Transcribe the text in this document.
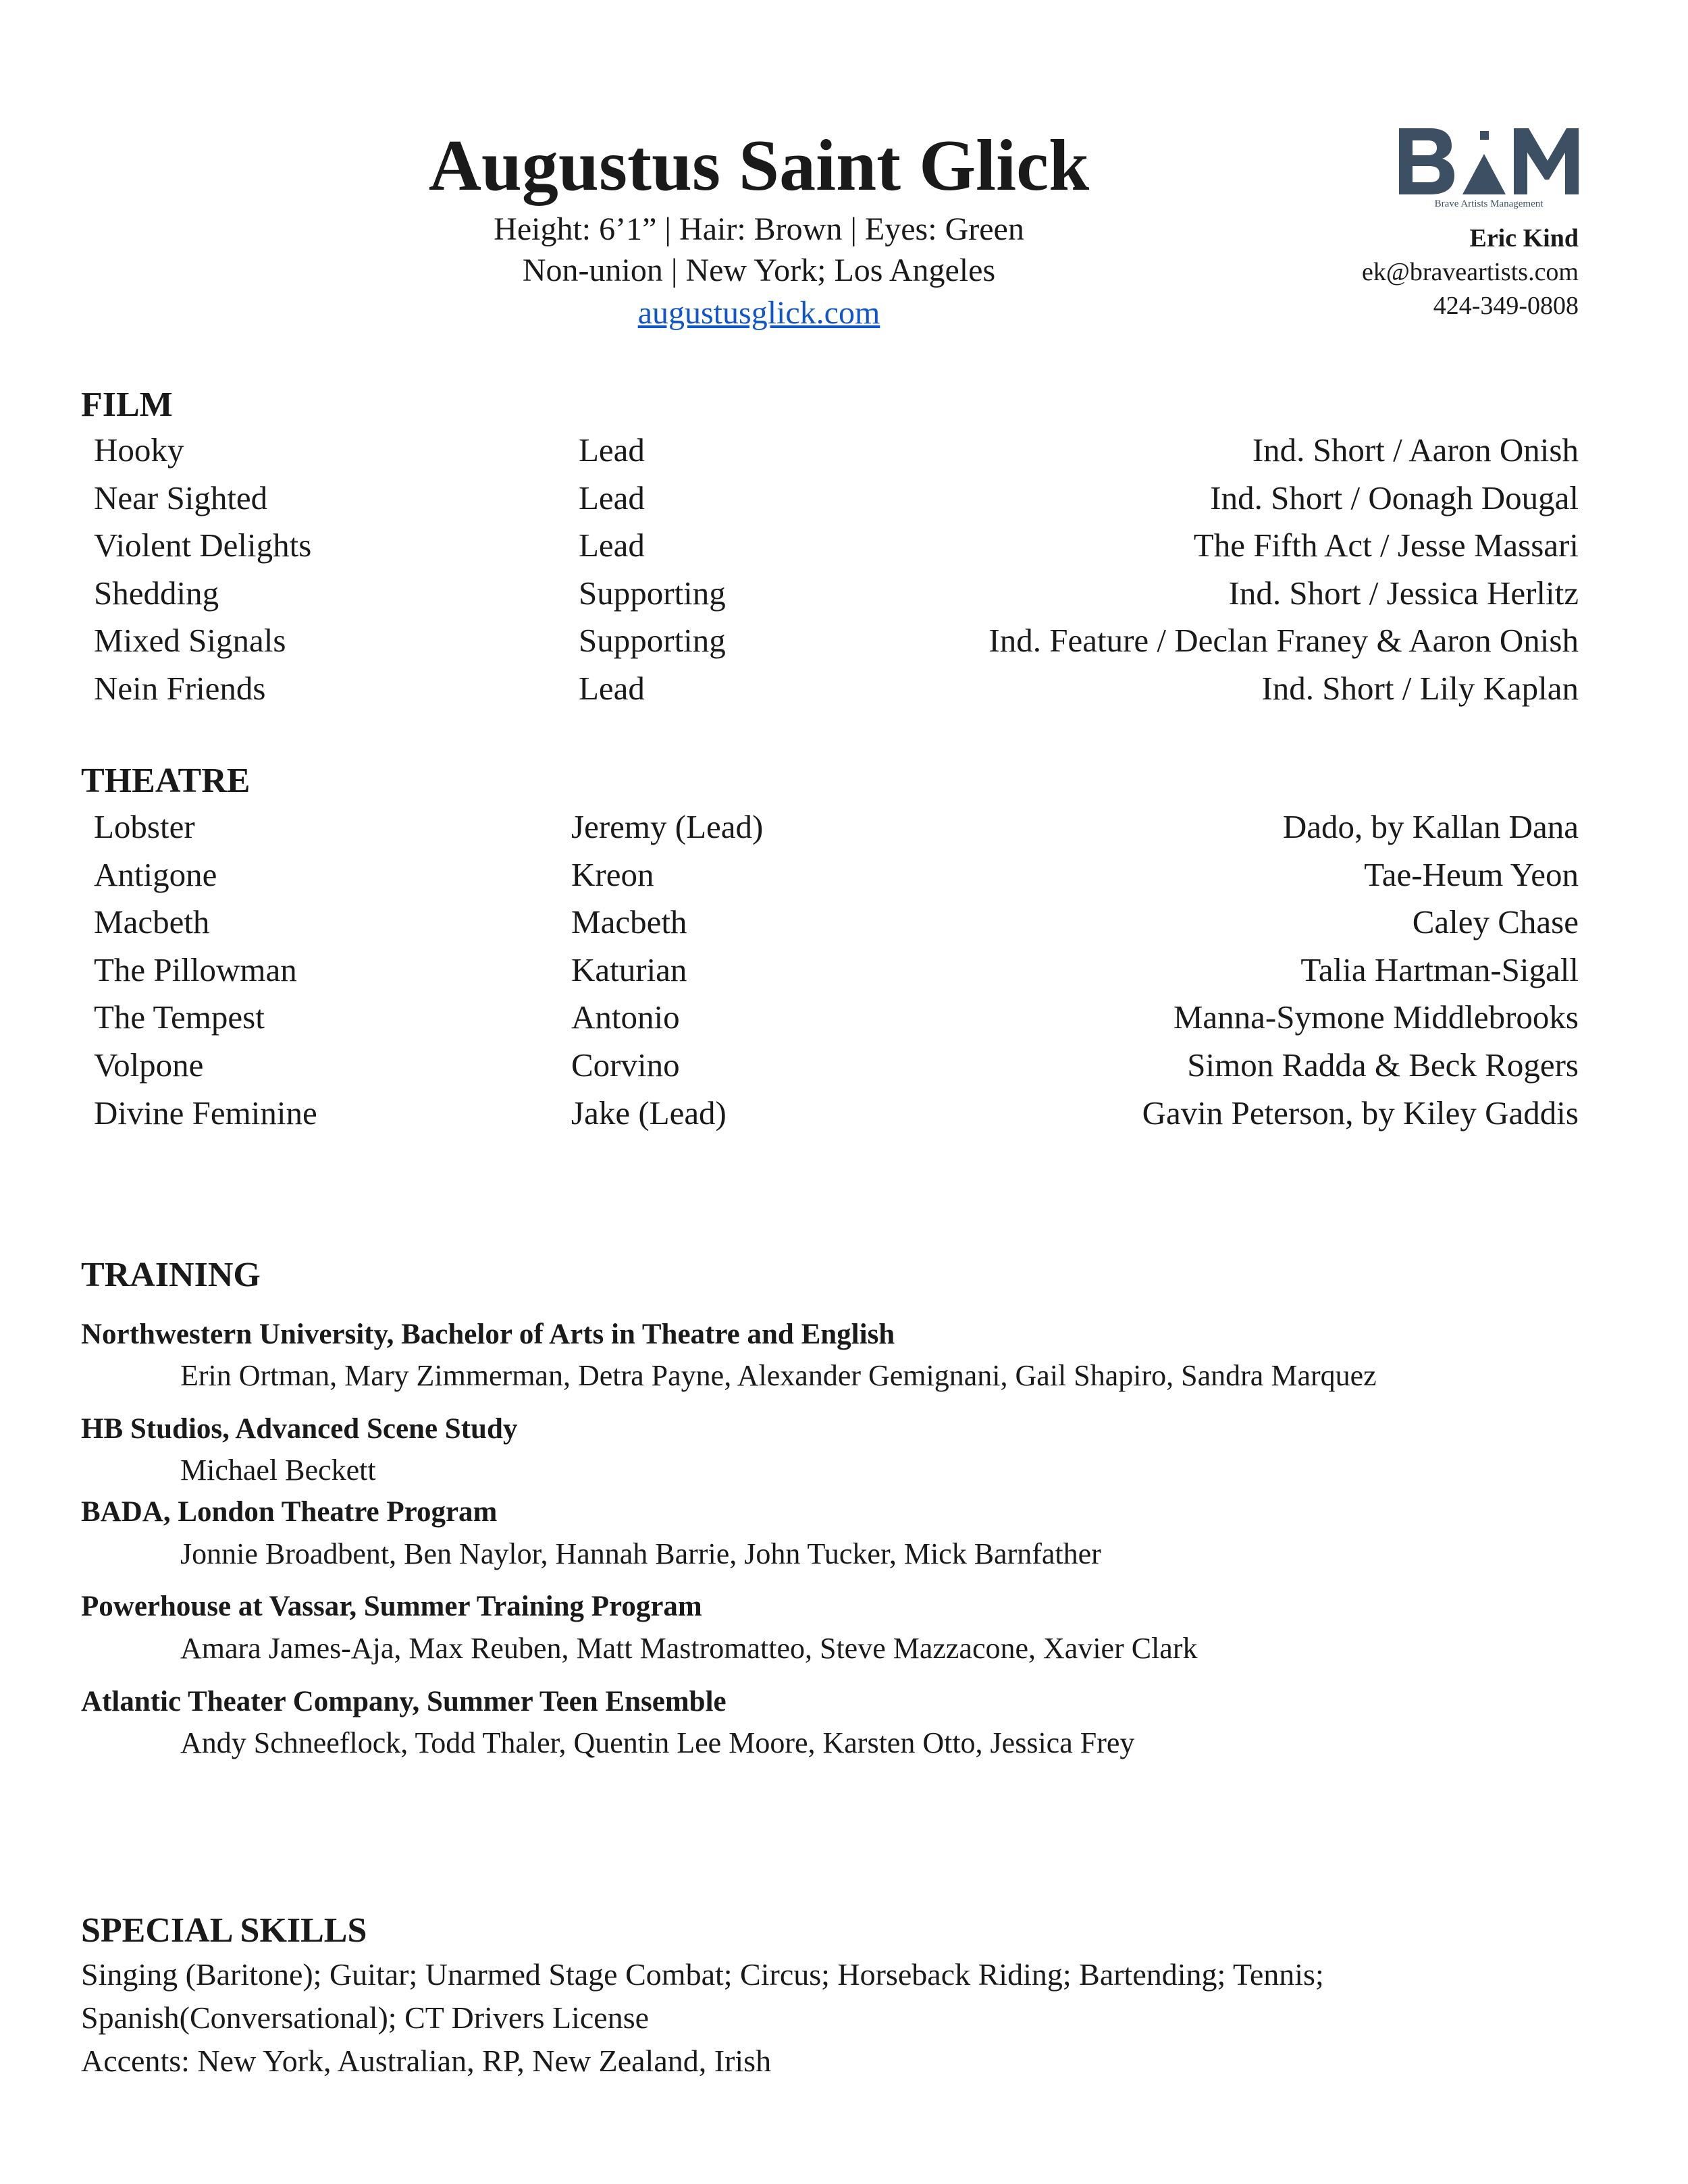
Augustus Saint Glick
Height: 6’1” | Hair: Brown | Eyes: Green
Non-union | New York; Los Angeles
augustusglick.com
Brave Artists Management
Eric Kind
ek@braveartists.com
424-349-0808
FILM
Hooky	Lead	Ind. Short / Aaron Onish
Near Sighted	Lead	Ind. Short / Oonagh Dougal
Violent Delights	Lead	The Fifth Act / Jesse Massari
Shedding	Supporting	Ind. Short / Jessica Herlitz
Mixed Signals	Supporting	Ind. Feature / Declan Franey & Aaron Onish
Nein Friends	Lead	Ind. Short / Lily Kaplan
THEATRE
Lobster	Jeremy (Lead)	Dado, by Kallan Dana
Antigone	Kreon	Tae-Heum Yeon
Macbeth	Macbeth	Caley Chase
The Pillowman	Katurian	Talia Hartman-Sigall
The Tempest	Antonio	Manna-Symone Middlebrooks
Volpone	Corvino	Simon Radda & Beck Rogers
Divine Feminine	Jake (Lead)	Gavin Peterson, by Kiley Gaddis
TRAINING
Northwestern University, Bachelor of Arts in Theatre and English
Erin Ortman, Mary Zimmerman, Detra Payne, Alexander Gemignani, Gail Shapiro, Sandra Marquez
HB Studios, Advanced Scene Study
Michael Beckett
BADA, London Theatre Program
Jonnie Broadbent, Ben Naylor, Hannah Barrie, John Tucker, Mick Barnfather
Powerhouse at Vassar, Summer Training Program
Amara James-Aja, Max Reuben, Matt Mastromatteo, Steve Mazzacone, Xavier Clark
Atlantic Theater Company, Summer Teen Ensemble
Andy Schneeflock, Todd Thaler, Quentin Lee Moore, Karsten Otto, Jessica Frey
SPECIAL SKILLS
Singing (Baritone); Guitar; Unarmed Stage Combat; Circus; Horseback Riding; Bartending; Tennis;
Spanish(Conversational); CT Drivers License
Accents: New York, Australian, RP, New Zealand, Irish
